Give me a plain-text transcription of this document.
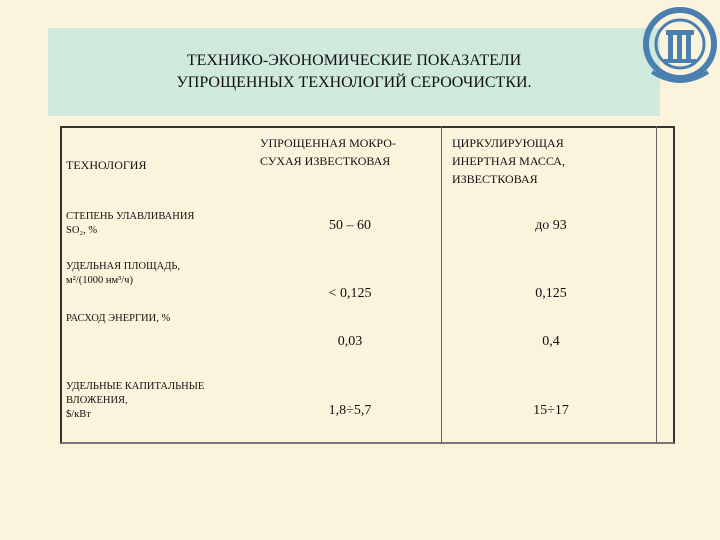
ТЕХНИКО-ЭКОНОМИЧЕСКИЕ ПОКАЗАТЕЛИ
УПРОЩЕННЫХ ТЕХНОЛОГИЙ СЕРООЧИСТКИ.
ТЕХНОЛОГИЯ
УПРОЩЕННАЯ МОКРО-
СУХАЯ ИЗВЕСТКОВАЯ
ЦИРКУЛИРУЮЩАЯ
ИНЕРТНАЯ МАССА,
ИЗВЕСТКОВАЯ
СТЕПЕНЬ УЛАВЛИВАНИЯ
SO₂, %
УДЕЛЬНАЯ ПЛОЩАДЬ,
м²/(1000 нм³/ч)
РАСХОД ЭНЕРГИИ, %
УДЕЛЬНЫЕ КАПИТАЛЬНЫЕ
ВЛОЖЕНИЯ,
$/кВт
50 – 60
< 0,125
0,03
1,8÷5,7
до 93
0,125
0,4
15÷17
